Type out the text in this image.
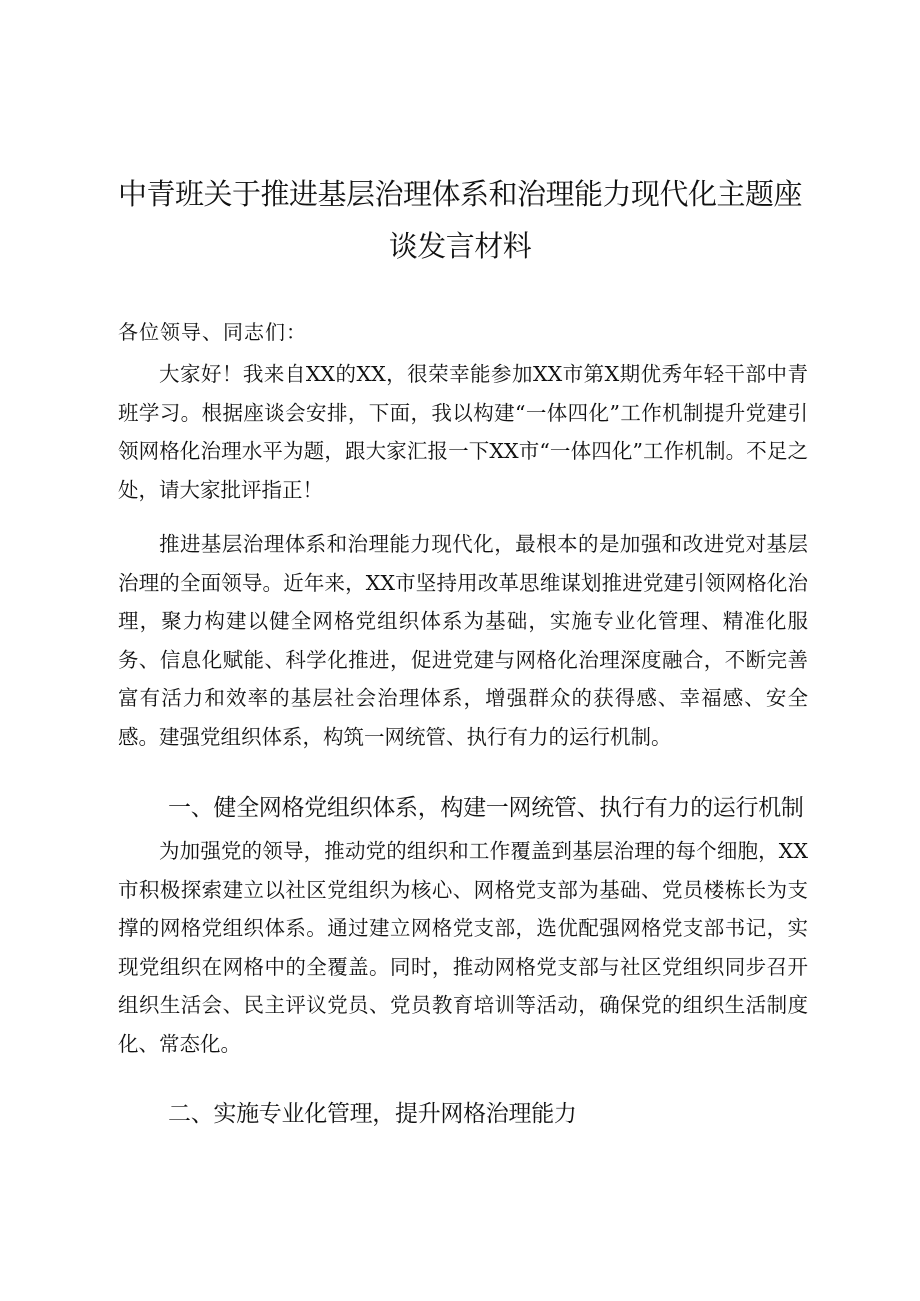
中青班关于推进基层治理体系和治理能力现代化主题座
谈发言材料
各位领导、同志们：

大家好！我来自XX的XX，很荣幸能参加XX市第X期优秀年轻干部中青班学习。根据座谈会安排，下面，我以构建“一体四化”工作机制提升党建引领网格化治理水平为题，跟大家汇报一下XX市“一体四化”工作机制。不足之处，请大家批评指正！

推进基层治理体系和治理能力现代化，最根本的是加强和改进党对基层治理的全面领导。近年来，XX市坚持用改革思维谋划推进党建引领网格化治理，聚力构建以健全网格党组织体系为基础，实施专业化管理、精准化服务、信息化赋能、科学化推进，促进党建与网格化治理深度融合，不断完善富有活力和效率的基层社会治理体系，增强群众的获得感、幸福感、安全感。建强党组织体系，构筑一网统管、执行有力的运行机制。

一、健全网格党组织体系，构建一网统管、执行有力的运行机制

为加强党的领导，推动党的组织和工作覆盖到基层治理的每个细胞，XX市积极探索建立以社区党组织为核心、网格党支部为基础、党员楼栋长为支撑的网格党组织体系。通过建立网格党支部，选优配强网格党支部书记，实现党组织在网格中的全覆盖。同时，推动网格党支部与社区党组织同步召开组织生活会、民主评议党员、党员教育培训等活动，确保党的组织生活制度化、常态化。

二、实施专业化管理，提升网格治理能力
